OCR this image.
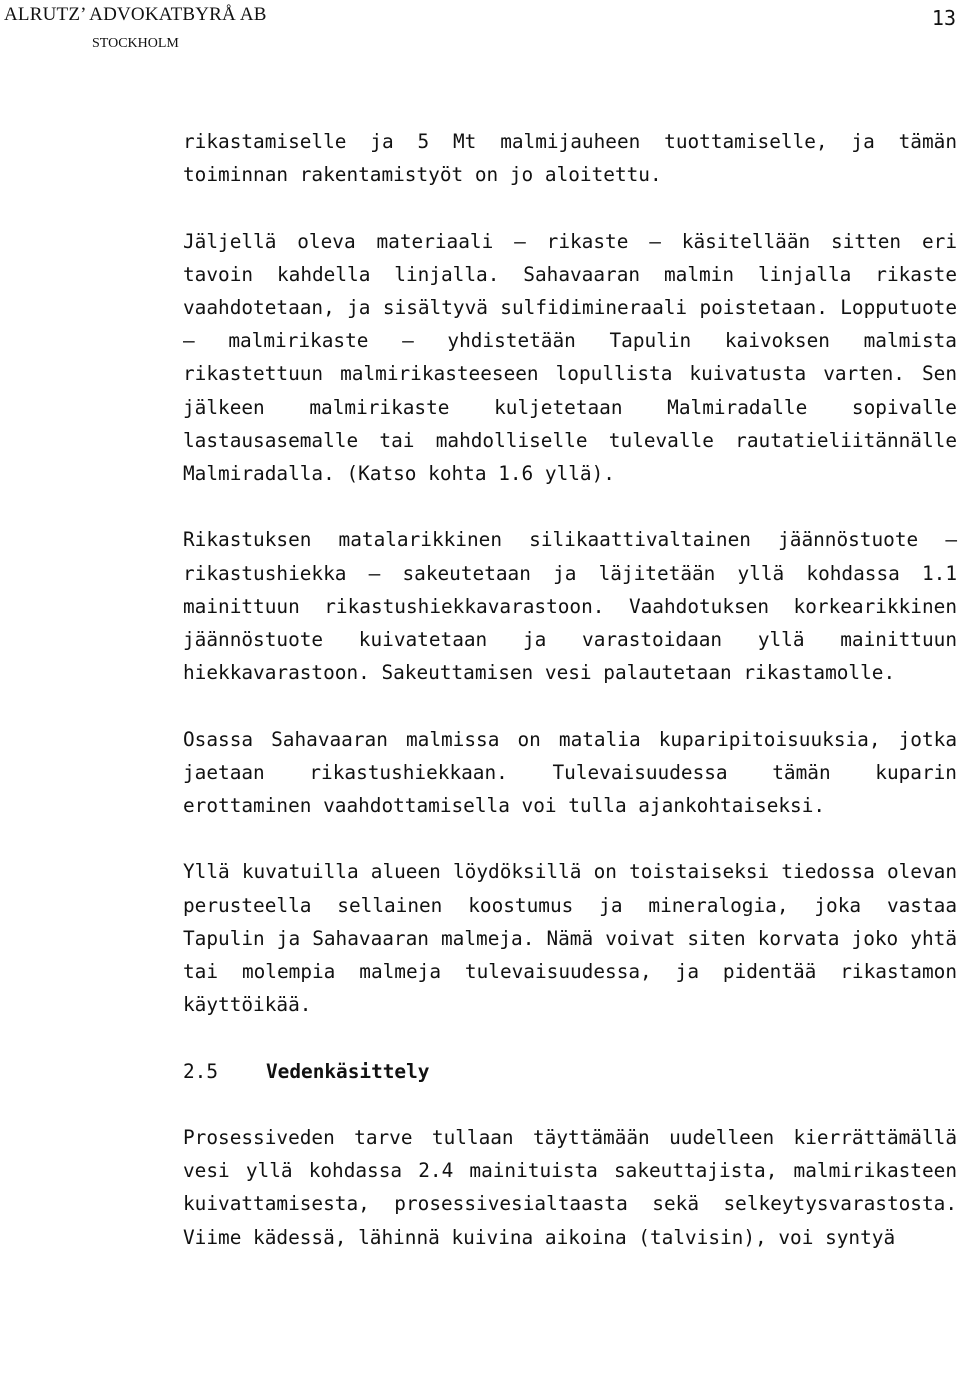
ALRUTZ’ ADVOKATBYRÅ AB
STOCKHOLM
13

rikastamiselle ja 5 Mt malmijauheen tuottamiselle, ja tämän toiminnan rakentamistyöt on jo aloitettu.

Jäljellä oleva materiaali – rikaste – käsitellään sitten eri tavoin kahdella linjalla. Sahavaaran malmin linjalla rikaste vaahdotetaan, ja sisältyvä sulfidimineraali poistetaan. Lopputuote – malmirikaste – yhdistetään Tapulin kaivoksen malmista rikastettuun malmirikasteeseen lopullista kuivatusta varten. Sen jälkeen malmirikaste kuljetetaan Malmiradalle sopivalle lastausasemalle tai mahdolliselle tulevalle rautatieliitännälle Malmiradalla. (Katso kohta 1.6 yllä).

Rikastuksen matalarikkinen silikaattivaltainen jäännöstuote – rikastushiekka – sakeutetaan ja läjitetään yllä kohdassa 1.1 mainittuun rikastushiekkavarastoon. Vaahdotuksen korkearikkinen jäännöstuote kuivatetaan ja varastoidaan yllä mainittuun hiekkavarastoon. Sakeuttamisen vesi palautetaan rikastamolle.

Osassa Sahavaaran malmissa on matalia kuparipitoisuuksia, jotka jaetaan rikastushiekkaan. Tulevaisuudessa tämän kuparin erottaminen vaahdottamisella voi tulla ajankohtaiseksi.

Yllä kuvatuilla alueen löydöksillä on toistaiseksi tiedossa olevan perusteella sellainen koostumus ja mineralogia, joka vastaa Tapulin ja Sahavaaran malmeja. Nämä voivat siten korvata joko yhtä tai molempia malmeja tulevaisuudessa, ja pidentää rikastamon käyttöikää.

2.5 Vedenkäsittely

Prosessiveden tarve tullaan täyttämään uudelleen kierrättämällä vesi yllä kohdassa 2.4 mainituista sakeuttajista, malmirikasteen kuivattamisesta, prosessivesialtaasta sekä selkeytysvarastosta. Viime kädessä, lähinnä kuivina aikoina (talvisin), voi syntyä
